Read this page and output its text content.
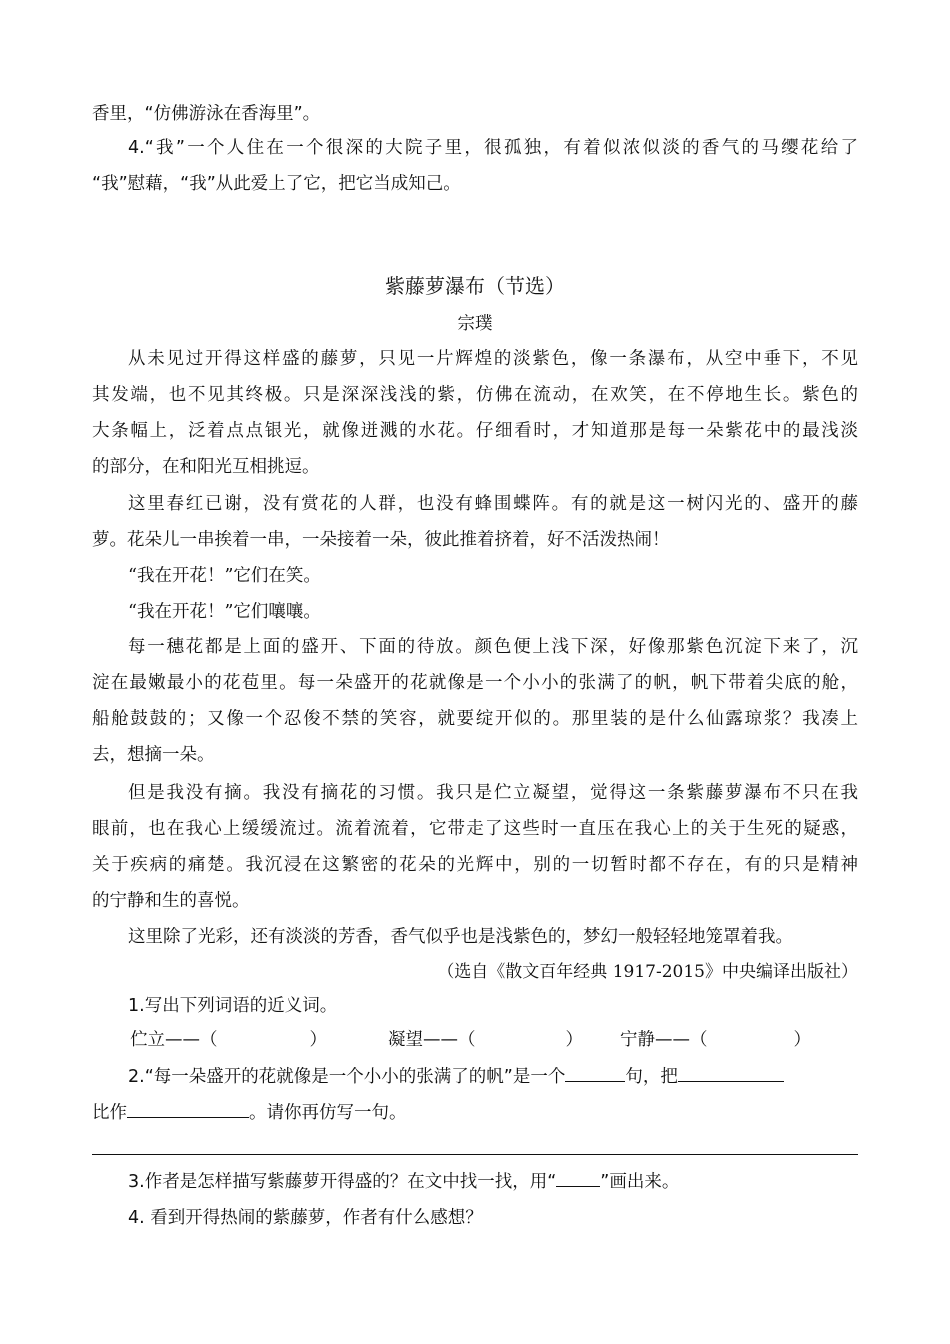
香里，“仿佛游泳在香海里”。
4.“我”一个人住在一个很深的大院子里，很孤独，有着似浓似淡的香气的马缨花给了
“我”慰藉，“我”从此爱上了它，把它当成知己。
紫藤萝瀑布（节选）
宗璞
从未见过开得这样盛的藤萝，只见一片辉煌的淡紫色，像一条瀑布，从空中垂下，不见
其发端，也不见其终极。只是深深浅浅的紫，仿佛在流动，在欢笑，在不停地生长。紫色的
大条幅上，泛着点点银光，就像迸溅的水花。仔细看时，才知道那是每一朵紫花中的最浅淡
的部分，在和阳光互相挑逗。
这里春红已谢，没有赏花的人群，也没有蜂围蝶阵。有的就是这一树闪光的、盛开的藤
萝。花朵儿一串挨着一串，一朵接着一朵，彼此推着挤着，好不活泼热闹！
“我在开花！”它们在笑。
“我在开花！”它们嚷嚷。
每一穗花都是上面的盛开、下面的待放。颜色便上浅下深，好像那紫色沉淀下来了，沉
淀在最嫩最小的花苞里。每一朵盛开的花就像是一个小小的张满了的帆，帆下带着尖底的舱，
船舱鼓鼓的；又像一个忍俊不禁的笑容，就要绽开似的。那里装的是什么仙露琼浆？我凑上
去，想摘一朵。
但是我没有摘。我没有摘花的习惯。我只是伫立凝望，觉得这一条紫藤萝瀑布不只在我
眼前，也在我心上缓缓流过。流着流着，它带走了这些时一直压在我心上的关于生死的疑惑，
关于疾病的痛楚。我沉浸在这繁密的花朵的光辉中，别的一切暂时都不存在，有的只是精神
的宁静和生的喜悦。
这里除了光彩，还有淡淡的芳香，香气似乎也是浅紫色的，梦幻一般轻轻地笼罩着我。
（选自《散文百年经典 1917-2015》中央编译出版社）
1.写出下列词语的近义词。
伫立——（	）	凝望——（	） 宁静——（	）
2.“每一朵盛开的花就像是一个小小的张满了的帆”是一个	句，把
比作	。请你再仿写一句。
3.作者是怎样描写紫藤萝开得盛的？在文中找一找，用“	”画出来。
4. 看到开得热闹的紫藤萝，作者有什么感想？
